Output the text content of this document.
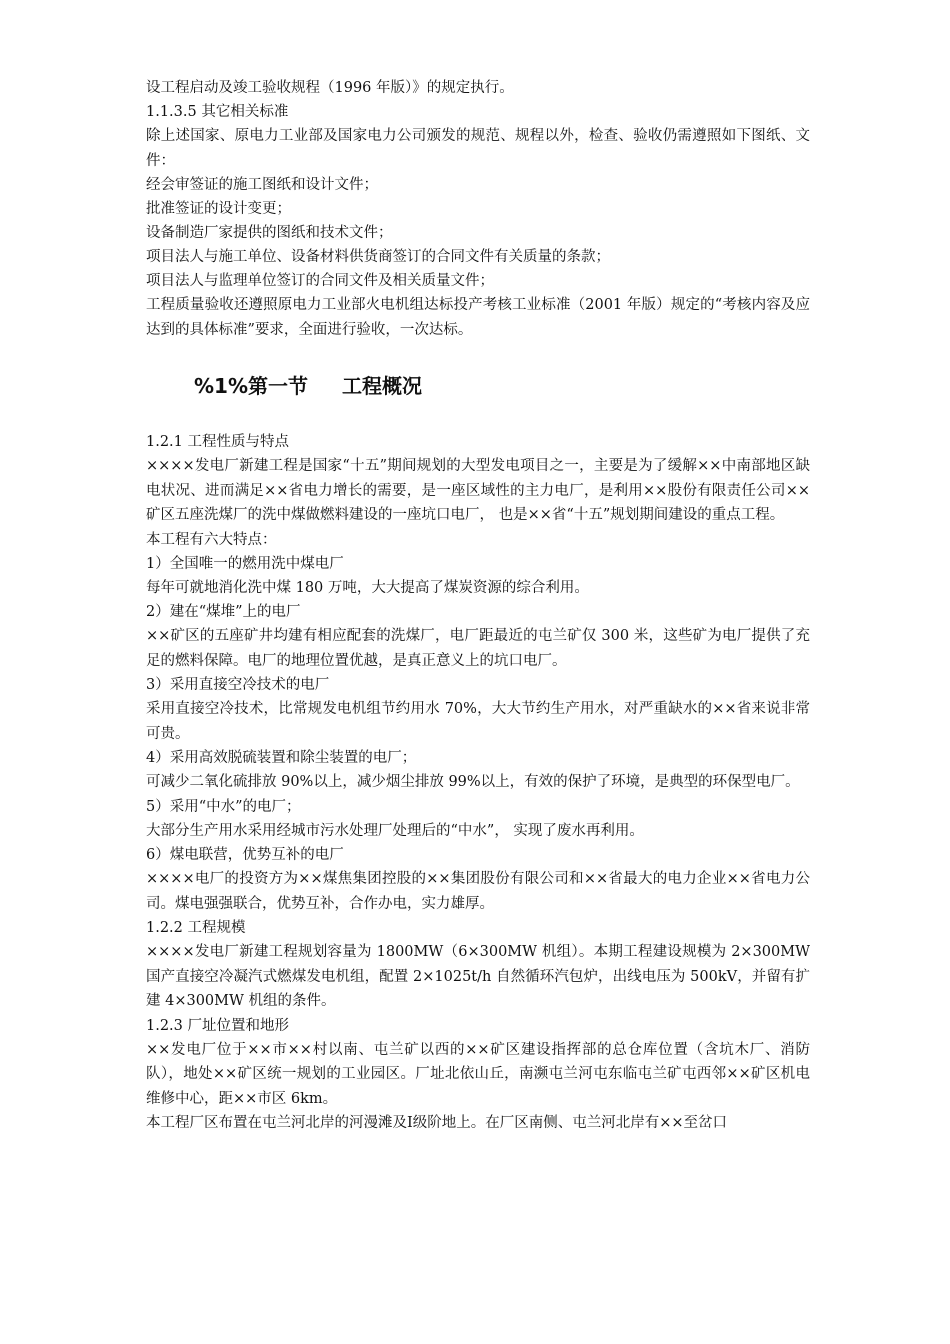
设工程启动及竣工验收规程（1996 年版）》的规定执行。

1.1.3.5 其它相关标准

除上述国家、原电力工业部及国家电力公司颁发的规范、规程以外，检查、验收仍需遵照如下图纸、文件：

经会审签证的施工图纸和设计文件；

批准签证的设计变更；

设备制造厂家提供的图纸和技术文件；

项目法人与施工单位、设备材料供货商签订的合同文件有关质量的条款；

项目法人与监理单位签订的合同文件及相关质量文件；

工程质量验收还遵照原电力工业部火电机组达标投产考核工业标准（2001 年版）规定的“考核内容及应达到的具体标准”要求，全面进行验收，一次达标。

%1%第一节 工程概况

1.2.1 工程性质与特点

××××发电厂新建工程是国家“十五”期间规划的大型发电项目之一，主要是为了缓解××中南部地区缺电状况、进而满足××省电力增长的需要，是一座区域性的主力电厂，是利用××股份有限责任公司××矿区五座洗煤厂的洗中煤做燃料建设的一座坑口电厂， 也是××省“十五”规划期间建设的重点工程。

本工程有六大特点：

1）全国唯一的燃用洗中煤电厂

每年可就地消化洗中煤 180 万吨，大大提高了煤炭资源的综合利用。

2）建在“煤堆”上的电厂

××矿区的五座矿井均建有相应配套的洗煤厂，电厂距最近的屯兰矿仅 300 米，这些矿为电厂提供了充足的燃料保障。电厂的地理位置优越，是真正意义上的坑口电厂。

3）采用直接空冷技术的电厂

采用直接空冷技术，比常规发电机组节约用水 70%，大大节约生产用水，对严重缺水的××省来说非常可贵。

4）采用高效脱硫装置和除尘装置的电厂；

可减少二氧化硫排放 90%以上，减少烟尘排放 99%以上，有效的保护了环境，是典型的环保型电厂。

5）采用“中水”的电厂；

大部分生产用水采用经城市污水处理厂处理后的“中水”， 实现了废水再利用。

6）煤电联营，优势互补的电厂

××××电厂的投资方为××煤焦集团控股的××集团股份有限公司和××省最大的电力企业××省电力公司。煤电强强联合，优势互补，合作办电，实力雄厚。

1.2.2 工程规模

××××发电厂新建工程规划容量为 1800MW（6×300MW 机组）。本期工程建设规模为 2×300MW 国产直接空冷凝汽式燃煤发电机组，配置 2×1025t/h 自然循环汽包炉，出线电压为 500kV，并留有扩建 4×300MW 机组的条件。

1.2.3 厂址位置和地形

××发电厂位于××市××村以南、屯兰矿以西的××矿区建设指挥部的总仓库位置（含坑木厂、消防队），地处××矿区统一规划的工业园区。厂址北依山丘，南濒屯兰河屯东临屯兰矿屯西邻××矿区机电维修中心，距××市区 6km。

本工程厂区布置在屯兰河北岸的河漫滩及Ⅰ级阶地上。在厂区南侧、屯兰河北岸有××至岔口
